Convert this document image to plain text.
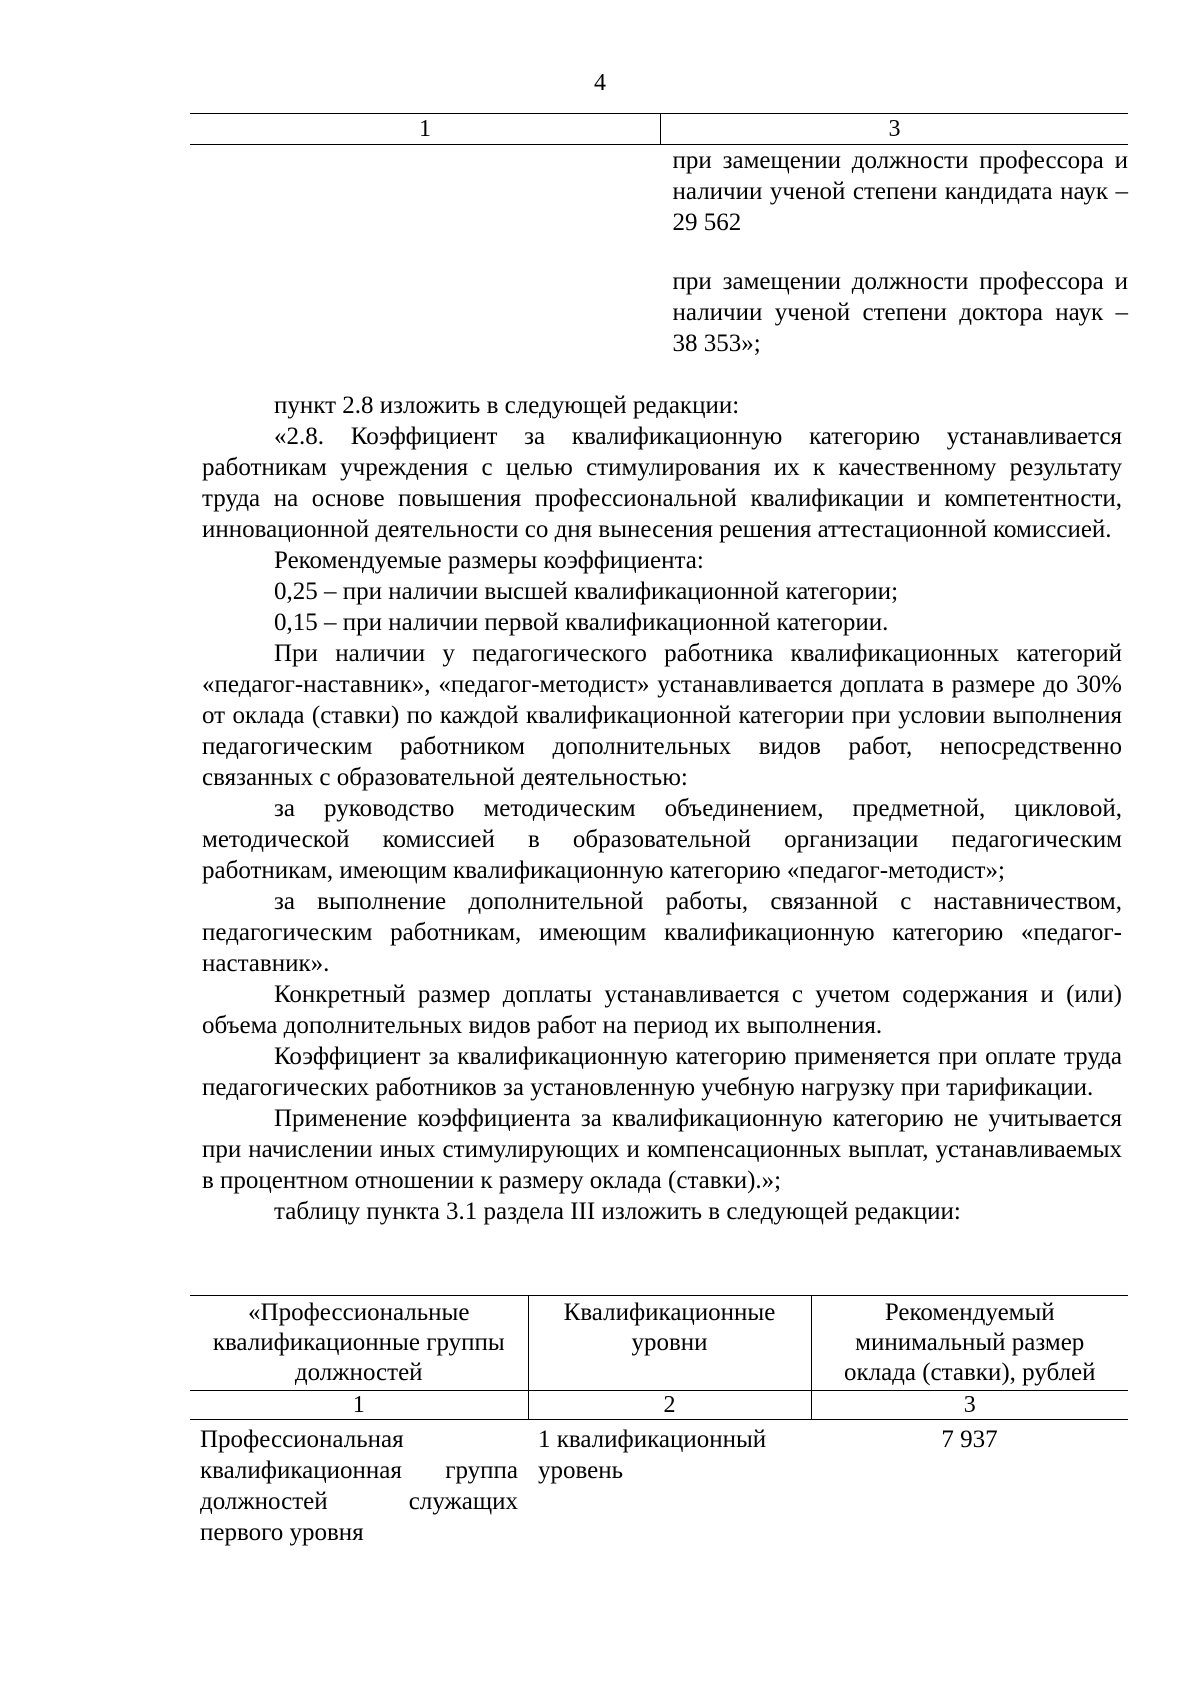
4
1	3

	при замещении должности профессора и наличии ученой степени кандидата наук – 29 562
при замещении должности профессора и наличии ученой степени доктора наук – 38 353»;

пункт 2.8 изложить в следующей редакции:

«2.8. Коэффициент за квалификационную категорию устанавливается работникам учреждения с целью стимулирования их к качественному результату труда на основе повышения профессиональной квалификации и компетентности, инновационной деятельности со дня вынесения решения аттестационной комиссией.

Рекомендуемые размеры коэффициента:

0,25 – при наличии высшей квалификационной категории;

0,15 – при наличии первой квалификационной категории.

При наличии у педагогического работника квалификационных категорий «педагог-наставник», «педагог-методист» устанавливается доплата в размере до 30% от оклада (ставки) по каждой квалификационной категории при условии выполнения педагогическим работником дополнительных видов работ, непосредственно связанных с образовательной деятельностью:

за руководство методическим объединением, предметной, цикловой, методической комиссией в образовательной организации педагогическим работникам, имеющим квалификационную категорию «педагог-методист»;

за выполнение дополнительной работы, связанной с наставничеством, педагогическим работникам, имеющим квалификационную категорию «педагог-наставник».

Конкретный размер доплаты устанавливается с учетом содержания и (или) объема дополнительных видов работ на период их выполнения.

Коэффициент за квалификационную категорию применяется при оплате труда педагогических работников за установленную учебную нагрузку при тарификации.

Применение коэффициента за квалификационную категорию не учитывается при начислении иных стимулирующих и компенсационных выплат, устанавливаемых в процентном отношении к размеру оклада (ставки).»;

таблицу пункта 3.1 раздела III изложить в следующей редакции:

«Профессиональные квалификационные группы должностей	Квалификационные уровни	Рекомендуемый минимальный размер оклада (ставки), рублей
1	2	3
Профессиональная квалификационная группа должностей служащих первого уровня	1 квалификационный уровень	7 937
